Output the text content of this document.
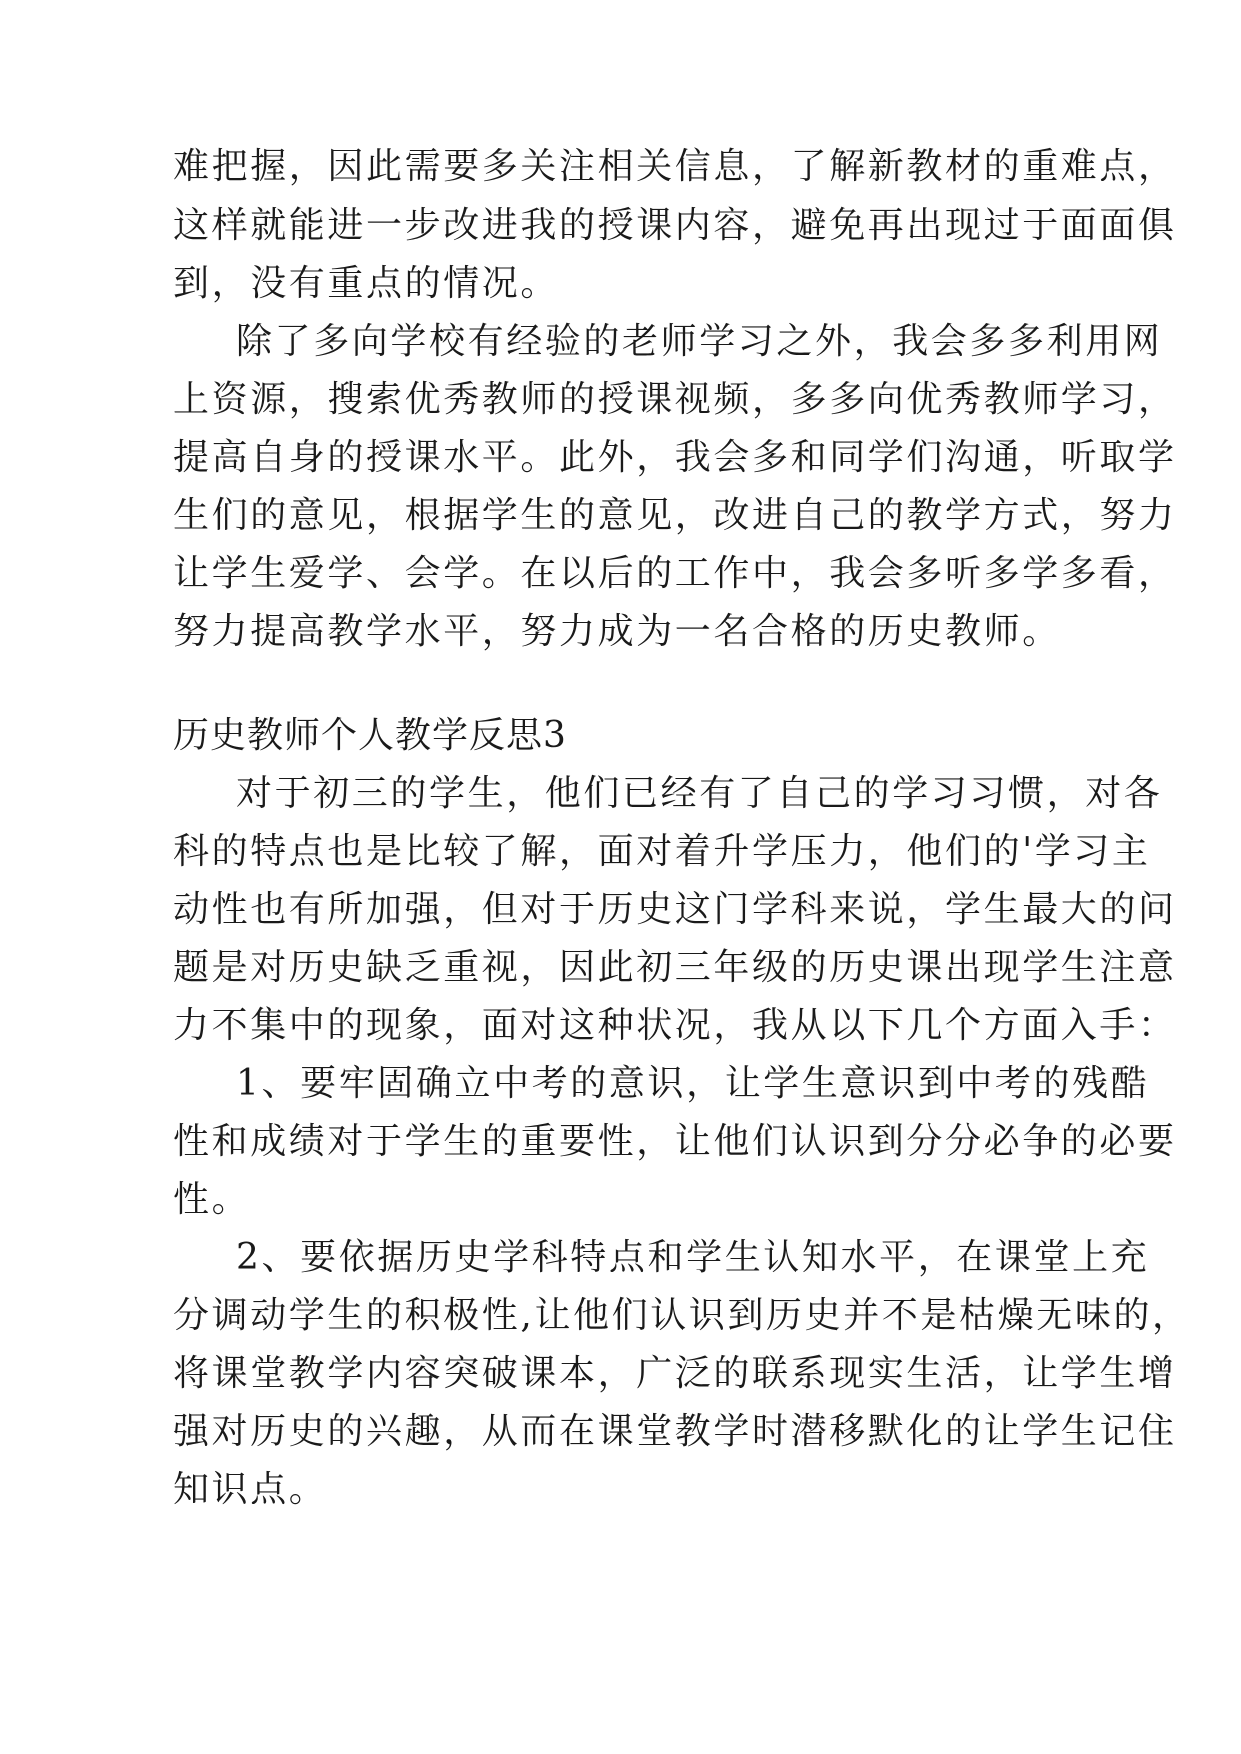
难把握，因此需要多关注相关信息，了解新教材的重难点，
这样就能进一步改进我的授课内容，避免再出现过于面面俱
到，没有重点的情况。
除了多向学校有经验的老师学习之外，我会多多利用网
上资源，搜索优秀教师的授课视频，多多向优秀教师学习，
提高自身的授课水平。此外，我会多和同学们沟通，听取学
生们的意见，根据学生的意见，改进自己的教学方式，努力
让学生爱学、会学。在以后的工作中，我会多听多学多看，
努力提高教学水平，努力成为一名合格的历史教师。
历史教师个人教学反思3
对于初三的学生，他们已经有了自己的学习习惯，对各
科的特点也是比较了解，面对着升学压力，他们的'学习主
动性也有所加强，但对于历史这门学科来说，学生最大的问
题是对历史缺乏重视，因此初三年级的历史课出现学生注意
力不集中的现象，面对这种状况，我从以下几个方面入手：
1、要牢固确立中考的意识，让学生意识到中考的残酷
性和成绩对于学生的重要性，让他们认识到分分必争的必要
性。
2、要依据历史学科特点和学生认知水平，在课堂上充
分调动学生的积极性,让他们认识到历史并不是枯燥无味的，
将课堂教学内容突破课本，广泛的联系现实生活，让学生增
强对历史的兴趣，从而在课堂教学时潜移默化的让学生记住
知识点。
